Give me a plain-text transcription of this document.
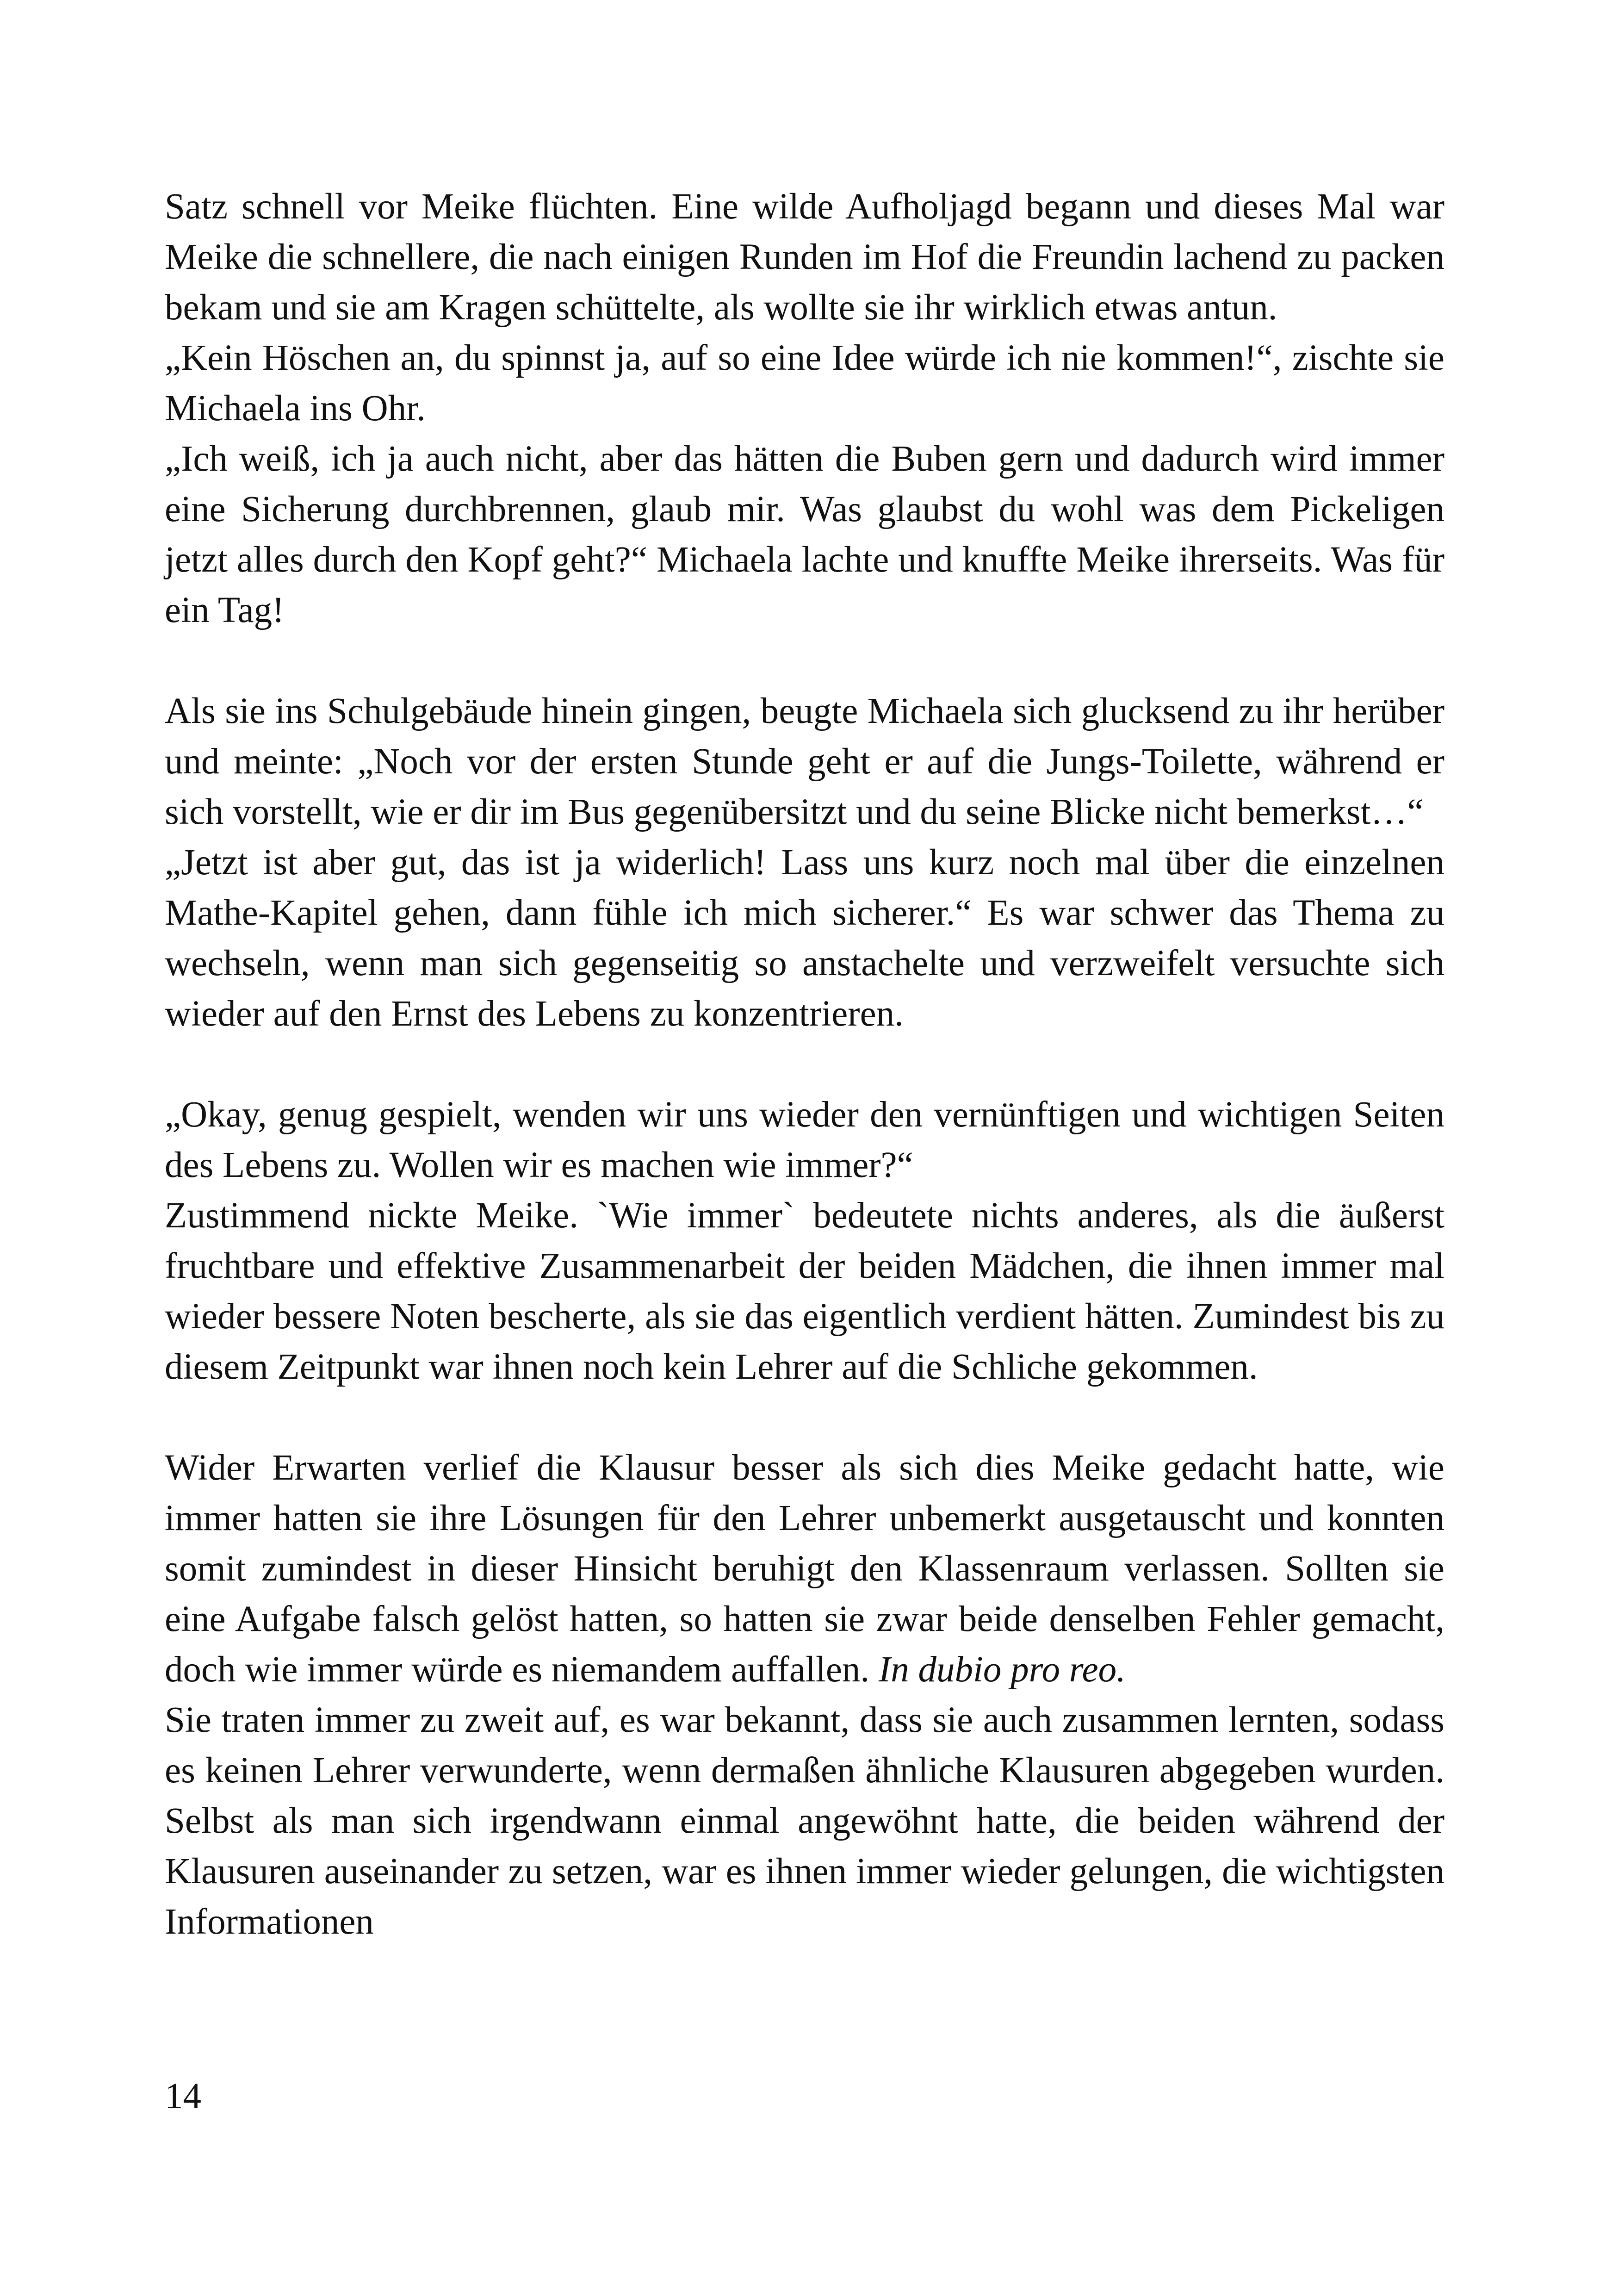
Satz schnell vor Meike flüchten. Eine wilde Aufholjagd begann und dieses Mal war Meike die schnellere, die nach einigen Runden im Hof die Freundin lachend zu packen bekam und sie am Kragen schüttelte, als wollte sie ihr wirklich etwas antun.

„Kein Höschen an, du spinnst ja, auf so eine Idee würde ich nie kommen!“, zischte sie Michaela ins Ohr.

„Ich weiß, ich ja auch nicht, aber das hätten die Buben gern und dadurch wird immer eine Sicherung durchbrennen, glaub mir. Was glaubst du wohl was dem Pickeligen jetzt alles durch den Kopf geht?“ Michaela lachte und knuffte Meike ihrerseits. Was für ein Tag!

Als sie ins Schulgebäude hinein gingen, beugte Michaela sich glucksend zu ihr herüber und meinte: „Noch vor der ersten Stunde geht er auf die Jungs-Toilette, während er sich vorstellt, wie er dir im Bus gegenübersitzt und du seine Blicke nicht bemerkst…“

„Jetzt ist aber gut, das ist ja widerlich! Lass uns kurz noch mal über die einzelnen Mathe-Kapitel gehen, dann fühle ich mich sicherer.“ Es war schwer das Thema zu wechseln, wenn man sich gegenseitig so anstachelte und verzweifelt versuchte sich wieder auf den Ernst des Lebens zu konzentrieren.

„Okay, genug gespielt, wenden wir uns wieder den vernünftigen und wichtigen Seiten des Lebens zu. Wollen wir es machen wie immer?“

Zustimmend nickte Meike. `Wie immer` bedeutete nichts anderes, als die äußerst fruchtbare und effektive Zusammenarbeit der beiden Mädchen, die ihnen immer mal wieder bessere Noten bescherte, als sie das eigentlich verdient hätten. Zumindest bis zu diesem Zeitpunkt war ihnen noch kein Lehrer auf die Schliche gekommen.

Wider Erwarten verlief die Klausur besser als sich dies Meike gedacht hatte, wie immer hatten sie ihre Lösungen für den Lehrer unbemerkt ausgetauscht und konnten somit zumindest in dieser Hinsicht beruhigt den Klassenraum verlassen. Sollten sie eine Aufgabe falsch gelöst hatten, so hatten sie zwar beide denselben Fehler gemacht, doch wie immer würde es niemandem auffallen. In dubio pro reo.

Sie traten immer zu zweit auf, es war bekannt, dass sie auch zusammen lernten, sodass es keinen Lehrer verwunderte, wenn dermaßen ähnliche Klausuren abgegeben wurden. Selbst als man sich irgendwann einmal angewöhnt hatte, die beiden während der Klausuren auseinander zu setzen, war es ihnen immer wieder gelungen, die wichtigsten Informationen

14
